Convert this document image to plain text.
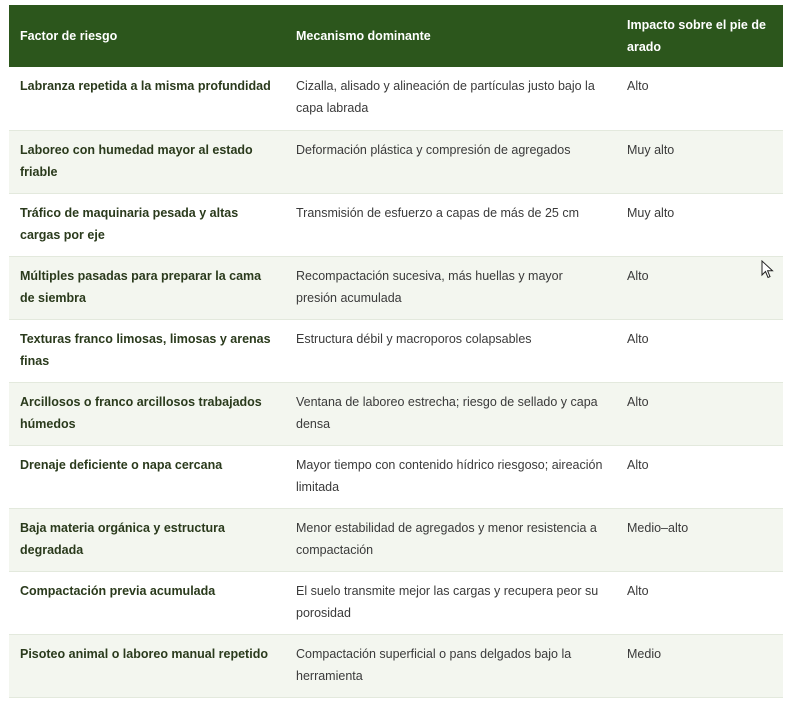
Factor de riesgo	Mecanismo dominante	Impacto sobre el pie de arado
Labranza repetida a la misma profundidad	Cizalla, alisado y alineación de partículas justo bajo la capa labrada	Alto
Laboreo con humedad mayor al estado friable	Deformación plástica y compresión de agregados	Muy alto
Tráfico de maquinaria pesada y altas cargas por eje	Transmisión de esfuerzo a capas de más de 25 cm	Muy alto
Múltiples pasadas para preparar la cama de siembra	Recompactación sucesiva, más huellas y mayor presión acumulada	Alto
Texturas franco limosas, limosas y arenas finas	Estructura débil y macroporos colapsables	Alto
Arcillosos o franco arcillosos trabajados húmedos	Ventana de laboreo estrecha; riesgo de sellado y capa densa	Alto
Drenaje deficiente o napa cercana	Mayor tiempo con contenido hídrico riesgoso; aireación limitada	Alto
Baja materia orgánica y estructura degradada	Menor estabilidad de agregados y menor resistencia a compactación	Medio–alto
Compactación previa acumulada	El suelo transmite mejor las cargas y recupera peor su porosidad	Alto
Pisoteo animal o laboreo manual repetido	Compactación superficial o pans delgados bajo la herramienta	Medio
